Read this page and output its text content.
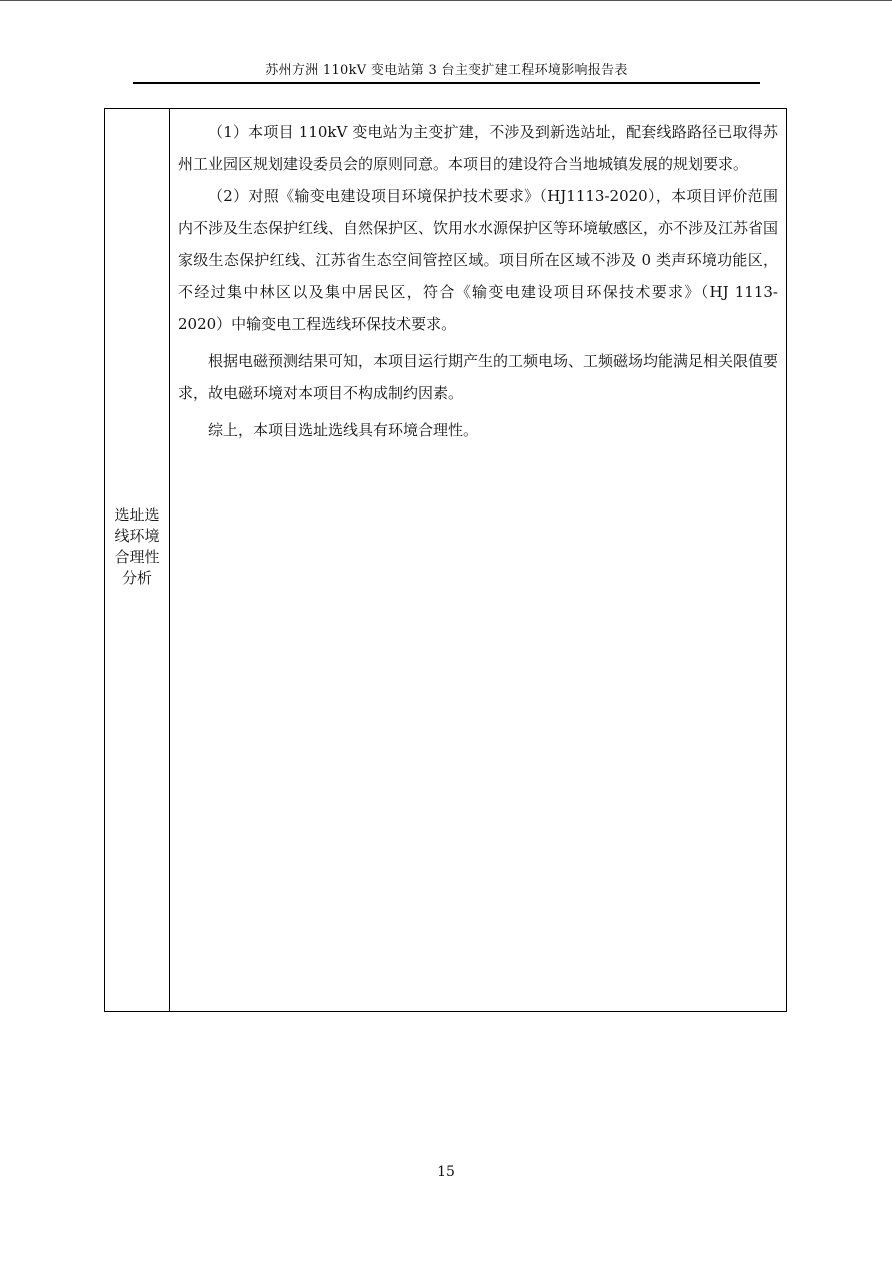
苏州方洲 110kV 变电站第 3 台主变扩建工程环境影响报告表
选址选线环境合理性分析

（1）本项目 110kV 变电站为主变扩建，不涉及到新选站址，配套线路路径已取得苏州工业园区规划建设委员会的原则同意。本项目的建设符合当地城镇发展的规划要求。

（2）对照《输变电建设项目环境保护技术要求》（HJ1113-2020），本项目评价范围内不涉及生态保护红线、自然保护区、饮用水水源保护区等环境敏感区，亦不涉及江苏省国家级生态保护红线、江苏省生态空间管控区域。项目所在区域不涉及 0 类声环境功能区，不经过集中林区以及集中居民区，符合《输变电建设项目环保技术要求》（HJ 1113-2020）中输变电工程选线环保技术要求。

根据电磁预测结果可知，本项目运行期产生的工频电场、工频磁场均能满足相关限值要求，故电磁环境对本项目不构成制约因素。

综上，本项目选址选线具有环境合理性。

15
